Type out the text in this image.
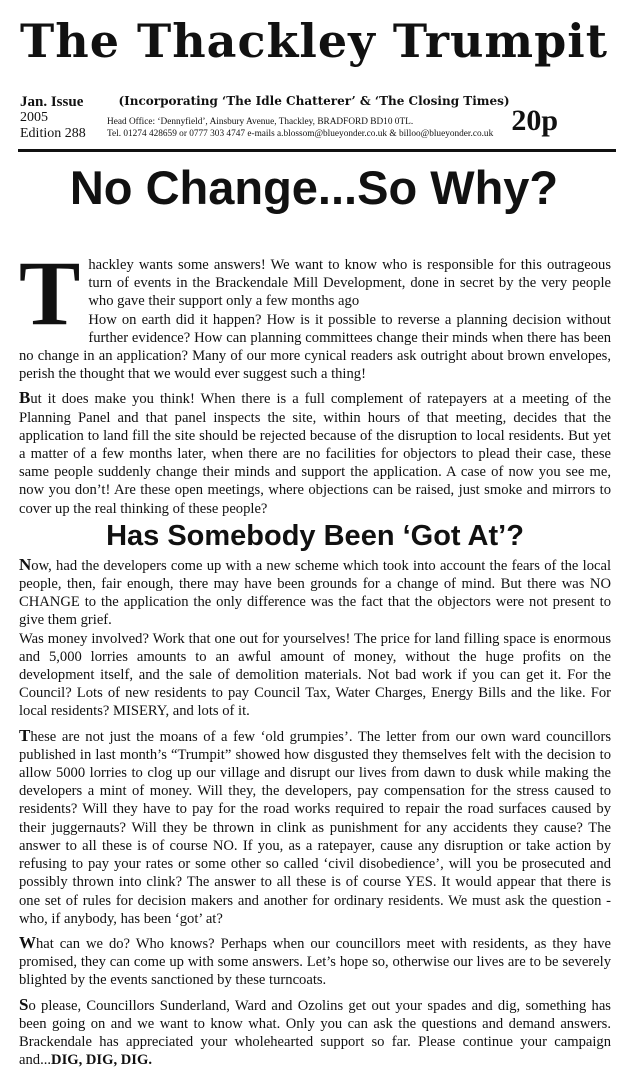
The Thackley Trumpit
Jan. Issue
2005
Edition 288
(Incorporating ‘The Idle Chatterer’ & ‘The Closing Times)
Head Office: ‘Dennyfield’, Ainsbury Avenue, Thackley, BRADFORD BD10 0TL.
Tel. 01274 428659 or 0777 303 4747 e-mails a.blossom@blueyonder.co.uk & billoo@blueyonder.co.uk 20p
No Change...So Why?

Thackley wants some answers! We want to know who is responsible for this outrageous turn of events in the Brackendale Mill Development, done in secret by the very people who gave their support only a few months ago

How on earth did it happen? How is it possible to reverse a planning decision without further evidence? How can planning committees change their minds when there has been no change in an application? Many of our more cynical readers ask outright about brown envelopes, perish the thought that we would ever suggest such a thing!

But it does make you think! When there is a full complement of ratepayers at a meeting of the Planning Panel and that panel inspects the site, within hours of that meeting, decides that the application to land fill the site should be rejected because of the disruption to local residents. But yet a matter of a few months later, when there are no facilities for objectors to plead their case, these same people suddenly change their minds and support the application. A case of now you see me, now you don’t! Are these open meetings, where objections can be raised, just smoke and mirrors to cover up the real thinking of these people?

Has Somebody Been ‘Got At’?

Now, had the developers come up with a new scheme which took into account the fears of the local people, then, fair enough, there may have been grounds for a change of mind. But there was NO CHANGE to the application the only difference was the fact that the objectors were not present to give them grief.

Was money involved? Work that one out for yourselves! The price for land filling space is enormous and 5,000 lorries amounts to an awful amount of money, without the huge profits on the development itself, and the sale of demolition materials. Not bad work if you can get it. For the Council? Lots of new residents to pay Council Tax, Water Charges, Energy Bills and the like. For local residents? MISERY, and lots of it.

These are not just the moans of a few ‘old grumpies’. The letter from our own ward councillors published in last month’s “Trumpit” showed how disgusted they themselves felt with the decision to allow 5000 lorries to clog up our village and disrupt our lives from dawn to dusk while making the developers a mint of money. Will they, the developers, pay compensation for the stress caused to residents? Will they have to pay for the road works required to repair the road surfaces caused by their juggernauts? Will they be thrown in clink as punishment for any accidents they cause? The answer to all these is of course NO. If you, as a ratepayer, cause any disruption or take action by refusing to pay your rates or some other so called ‘civil disobedience’, will you be prosecuted and possibly thrown into clink? The answer to all these is of course YES. It would appear that there is one set of rules for decision makers and another for ordinary residents. We must ask the question - who, if anybody, has been ‘got’ at?

What can we do? Who knows? Perhaps when our councillors meet with residents, as they have promised, they can come up with some answers. Let’s hope so, otherwise our lives are to be severely blighted by the events sanctioned by these turncoats.

So please, Councillors Sunderland, Ward and Ozolins get out your spades and dig, something has been going on and we want to know what. Only you can ask the questions and demand answers. Brackendale has appreciated your wholehearted support so far. Please continue your campaign and...DIG, DIG, DIG.
